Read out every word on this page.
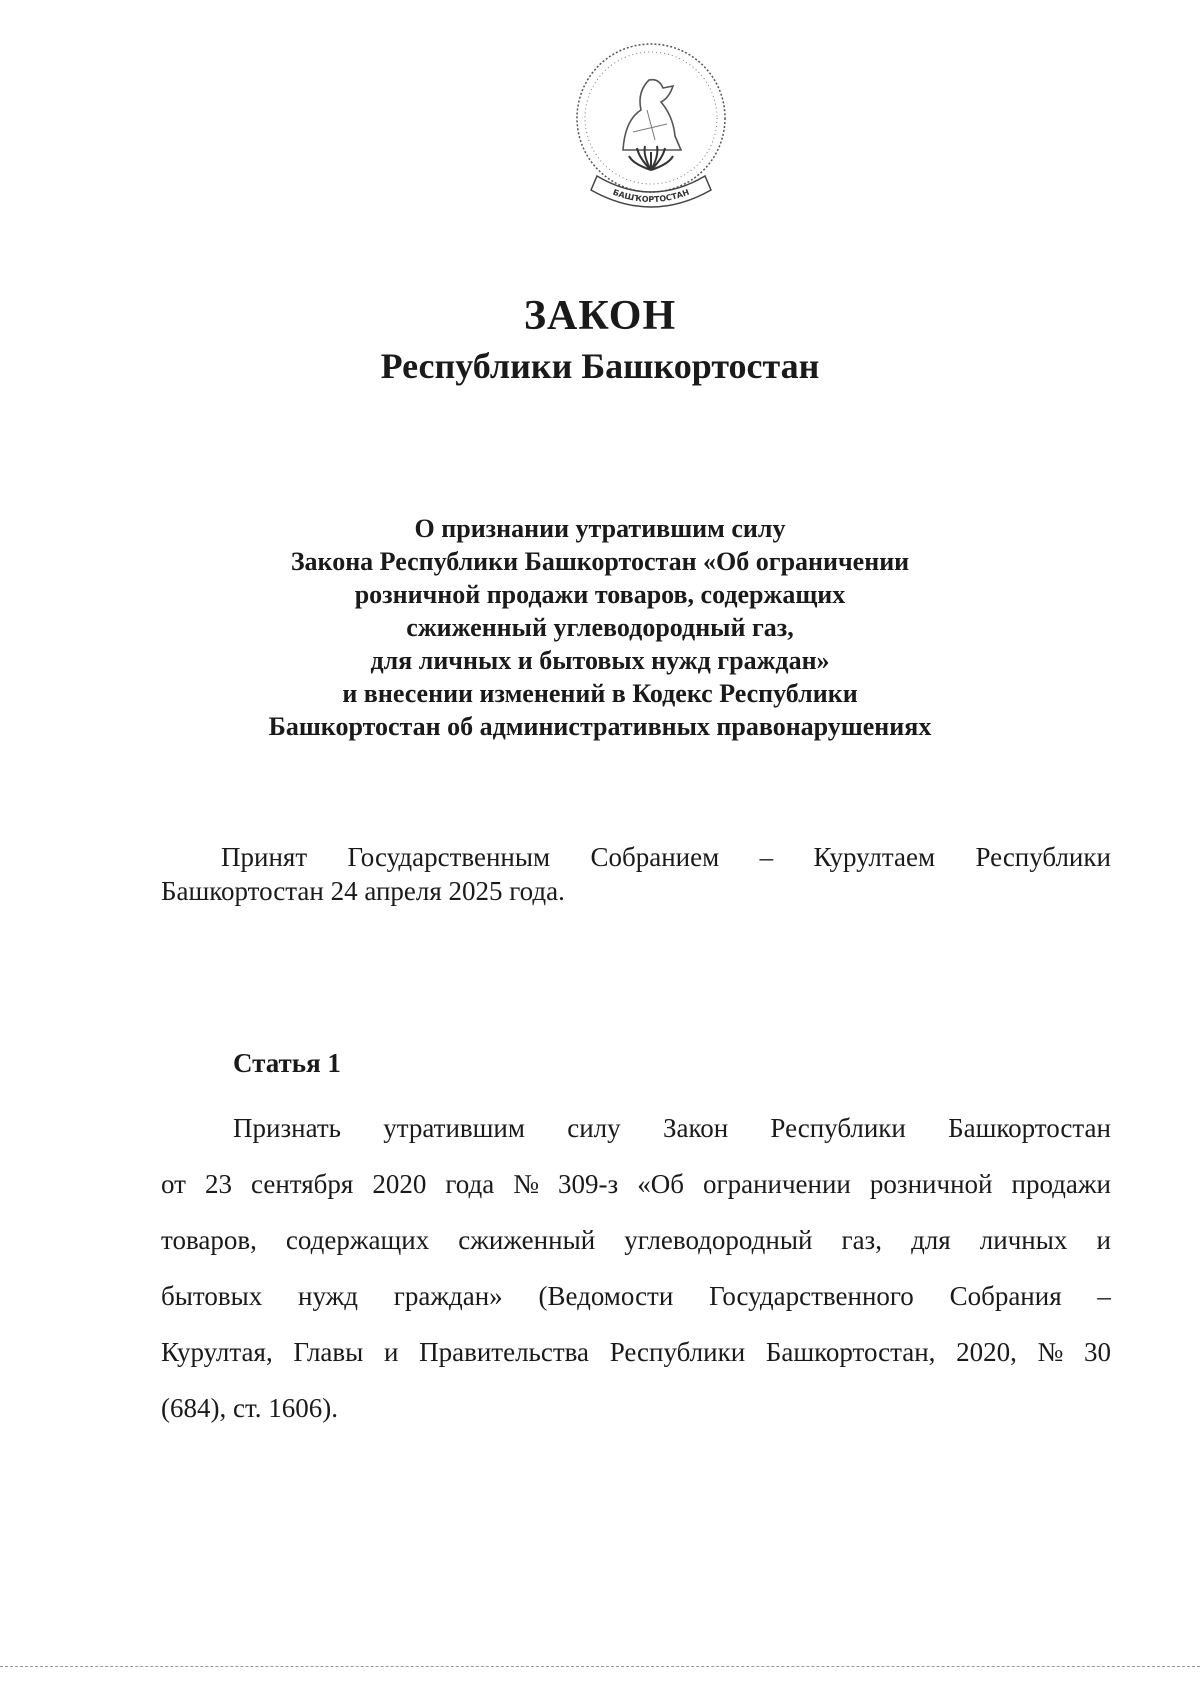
БАШҠОРТОСТАН
ЗАКОН
Республики Башкортостан
О признании утратившим силу
Закона Республики Башкортостан «Об ограничении
розничной продажи товаров, содержащих
сжиженный углеводородный газ,
для личных и бытовых нужд граждан»
и внесении изменений в Кодекс Республики
Башкортостан об административных правонарушениях
Принят Государственным Собранием – Курултаем Республики
Башкортостан 24 апреля 2025 года.
Статья 1
Признать утратившим силу Закон Республики Башкортостан
от 23 сентября 2020 года № 309-з «Об ограничении розничной продажи
товаров, содержащих сжиженный углеводородный газ, для личных и
бытовых нужд граждан» (Ведомости Государственного Собрания –
Курултая, Главы и Правительства Республики Башкортостан, 2020, № 30
(684), ст. 1606).
